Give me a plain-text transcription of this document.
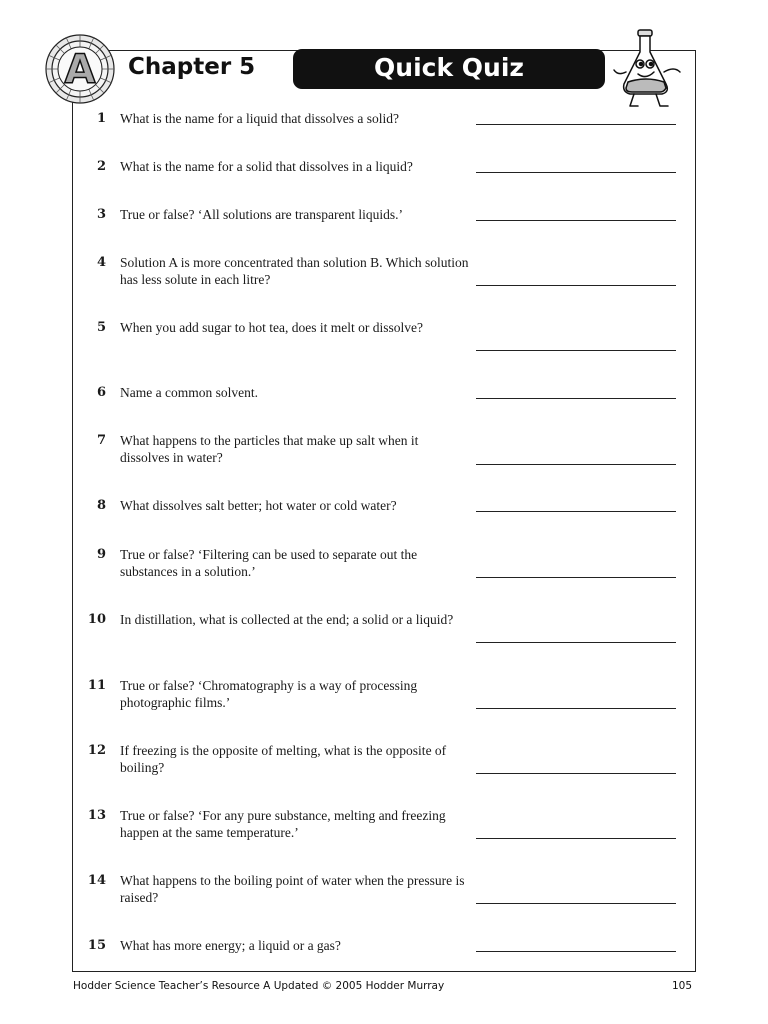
A Chapter 5	Quick Quiz
1 What is the name for a liquid that dissolves a solid?
2 What is the name for a solid that dissolves in a liquid?
3 True or false? ‘All solutions are transparent liquids.’
4 Solution A is more concentrated than solution B. Which solution has less solute in each litre?
5 When you add sugar to hot tea, does it melt or dissolve?
6 Name a common solvent.
7 What happens to the particles that make up salt when it dissolves in water?
8 What dissolves salt better; hot water or cold water?
9 True or false? ‘Filtering can be used to separate out the substances in a solution.’
10 In distillation, what is collected at the end; a solid or a liquid?
11 True or false? ‘Chromatography is a way of processing photographic films.’
12 If freezing is the opposite of melting, what is the opposite of boiling?
13 True or false? ‘For any pure substance, melting and freezing happen at the same temperature.’
14 What happens to the boiling point of water when the pressure is raised?
15 What has more energy; a liquid or a gas?
Hodder Science Teacher’s Resource A Updated © 2005 Hodder Murray	105
